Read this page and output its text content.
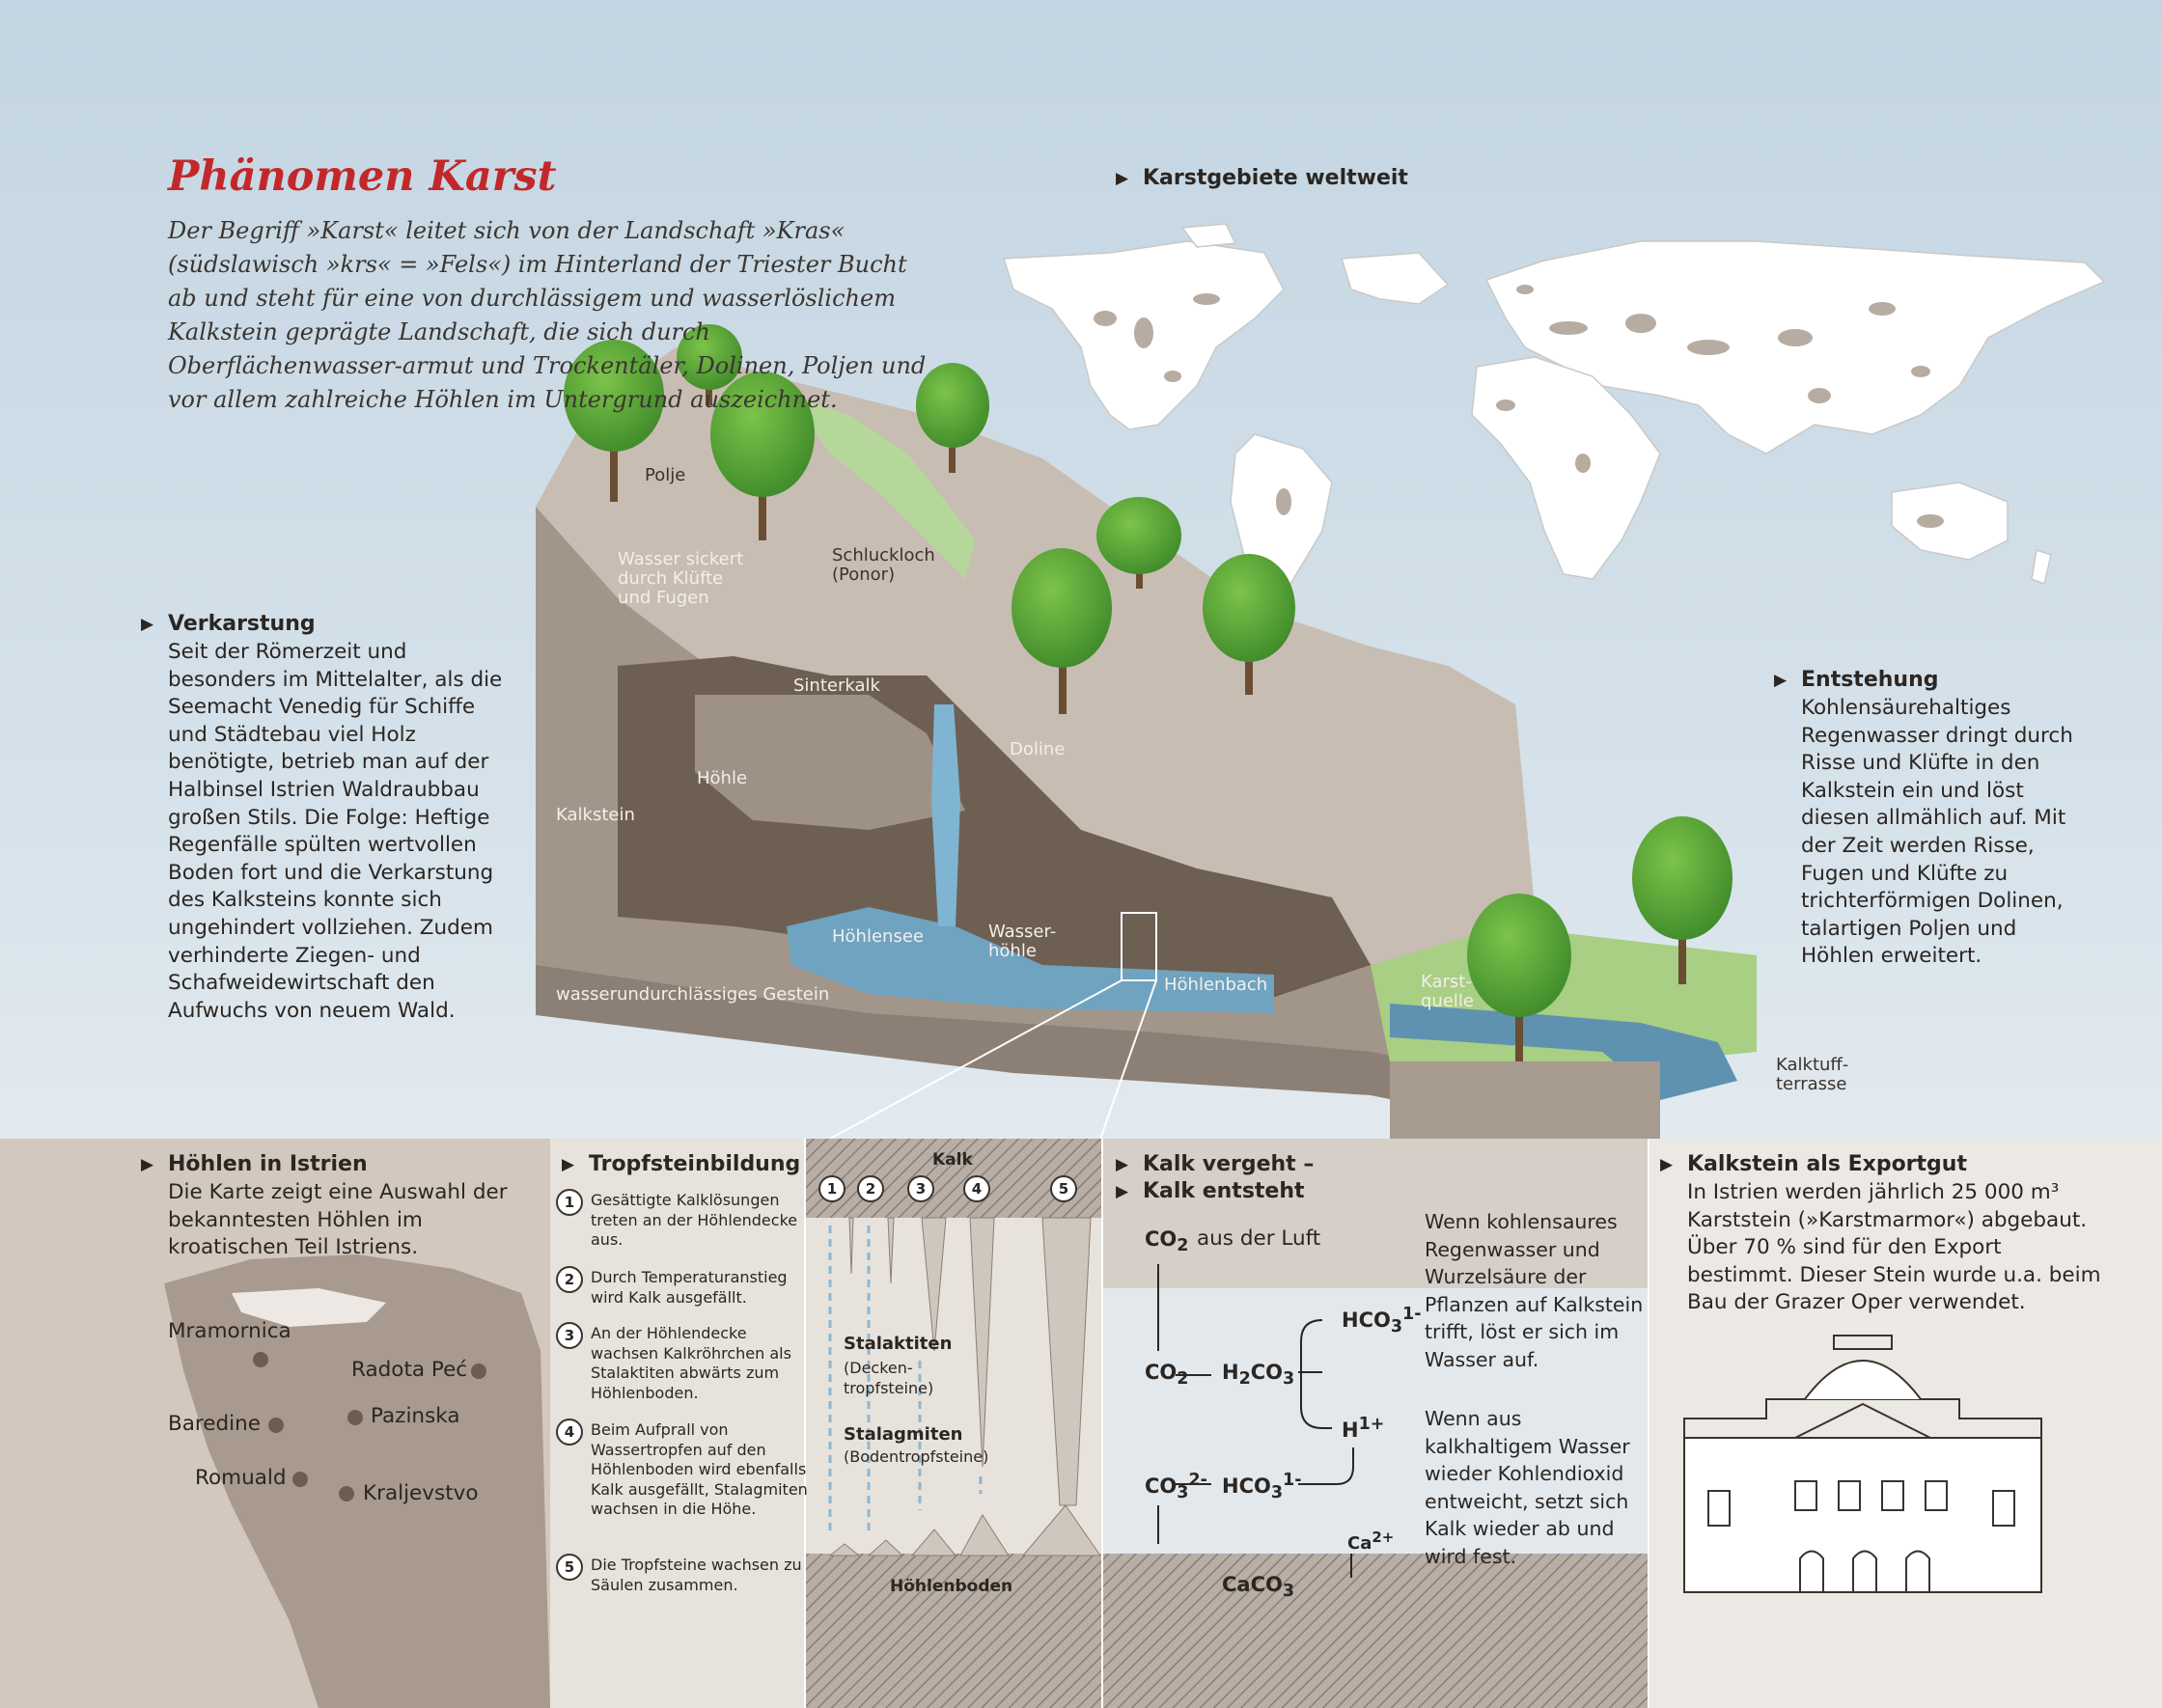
Phänomen Karst

Der Begriff »Karst« leitet sich von der Landschaft »Kras« (südslawisch »krs« = »Fels«) im Hinterland der Triester Bucht ab und steht für eine von durchlässigem und wasserlöslichem Kalkstein geprägte Landschaft, die sich durch Oberflächenwasser-armut und Trockentäler, Dolinen, Poljen und vor allem zahlreiche Höhlen im Untergrund auszeichnet.

▶ Karstgebiete weltweit
▶ Verkarstung

Seit der Römerzeit und besonders im Mittelalter, als die Seemacht Venedig für Schiffe und Städtebau viel Holz benötigte, betrieb man auf der Halbinsel Istrien Waldraubbau großen Stils. Die Folge: Heftige Regenfälle spülten wertvollen Boden fort und die Verkarstung des Kalksteins konnte sich ungehindert vollziehen. Zudem verhinderte Ziegen- und Schafweidewirtschaft den Aufwuchs von neuem Wald.

▶ Entstehung

Kohlensäurehaltiges Regenwasser dringt durch Risse und Klüfte in den Kalkstein ein und löst diesen allmählich auf. Mit der Zeit werden Risse, Fugen und Klüfte zu trichterförmigen Dolinen, talartigen Poljen und Höhlen erweitert.

Polje
Wasser sickert durch Klüfte und Fugen
Schluckloch (Ponor)
Sinterkalk
Höhle
Kalkstein
Doline
Höhlensee	Wasser-höhle
Höhlenbach
wasserundurchlässiges Gestein
Karst-quelle
Kalktuff-terrasse
▶ Höhlen in Istrien

Die Karte zeigt eine Auswahl der bekanntesten Höhlen im kroatischen Teil Istriens.

Mramornica
Radota Peć
Baredine	Pazinska
Romuald
Kraljevstvo
▶ Tropfsteinbildung
1 Gesättigte Kalklösungen treten an der Höhlendecke aus.
2 Durch Temperaturanstieg wird Kalk ausgefällt.
3 An der Höhlendecke wachsen Kalkröhrchen als Stalaktiten abwärts zum Höhlenboden.
4 Beim Aufprall von Wassertropfen auf den Höhlenboden wird ebenfalls Kalk ausgefällt, Stalagmiten wachsen in die Höhe.
5 Die Tropfsteine wachsen zu Säulen zusammen.
1	2	3	4	5
Kalk
Stalaktiten
(Decken-tropfsteine)
Stalagmiten
(Bodentropfsteine)
Höhlenboden
▶ Kalk vergeht –
▶ Kalk entsteht
$CO_2$ aus der Luft
$CO_2$ $H_2CO_3$
$HCO_3^{1-}$
$H^{1+}$
$CO_3^{2-}$ $HCO_3^{1-}$
$Ca^{2+}$
CaCO$_3$

Wenn kohlensaures Regenwasser und Wurzelsäure der Pflanzen auf Kalkstein trifft, löst er sich im Wasser auf.

Wenn aus kalkhaltigem Wasser wieder Kohlendioxid entweicht, setzt sich Kalk wieder ab und wird fest.

▶ Kalkstein als Exportgut

In Istrien werden jährlich 25 000 m³ Karststein (»Karstmarmor«) abgebaut. Über 70 % sind für den Export bestimmt. Dieser Stein wurde u.a. beim Bau der Grazer Oper verwendet.
